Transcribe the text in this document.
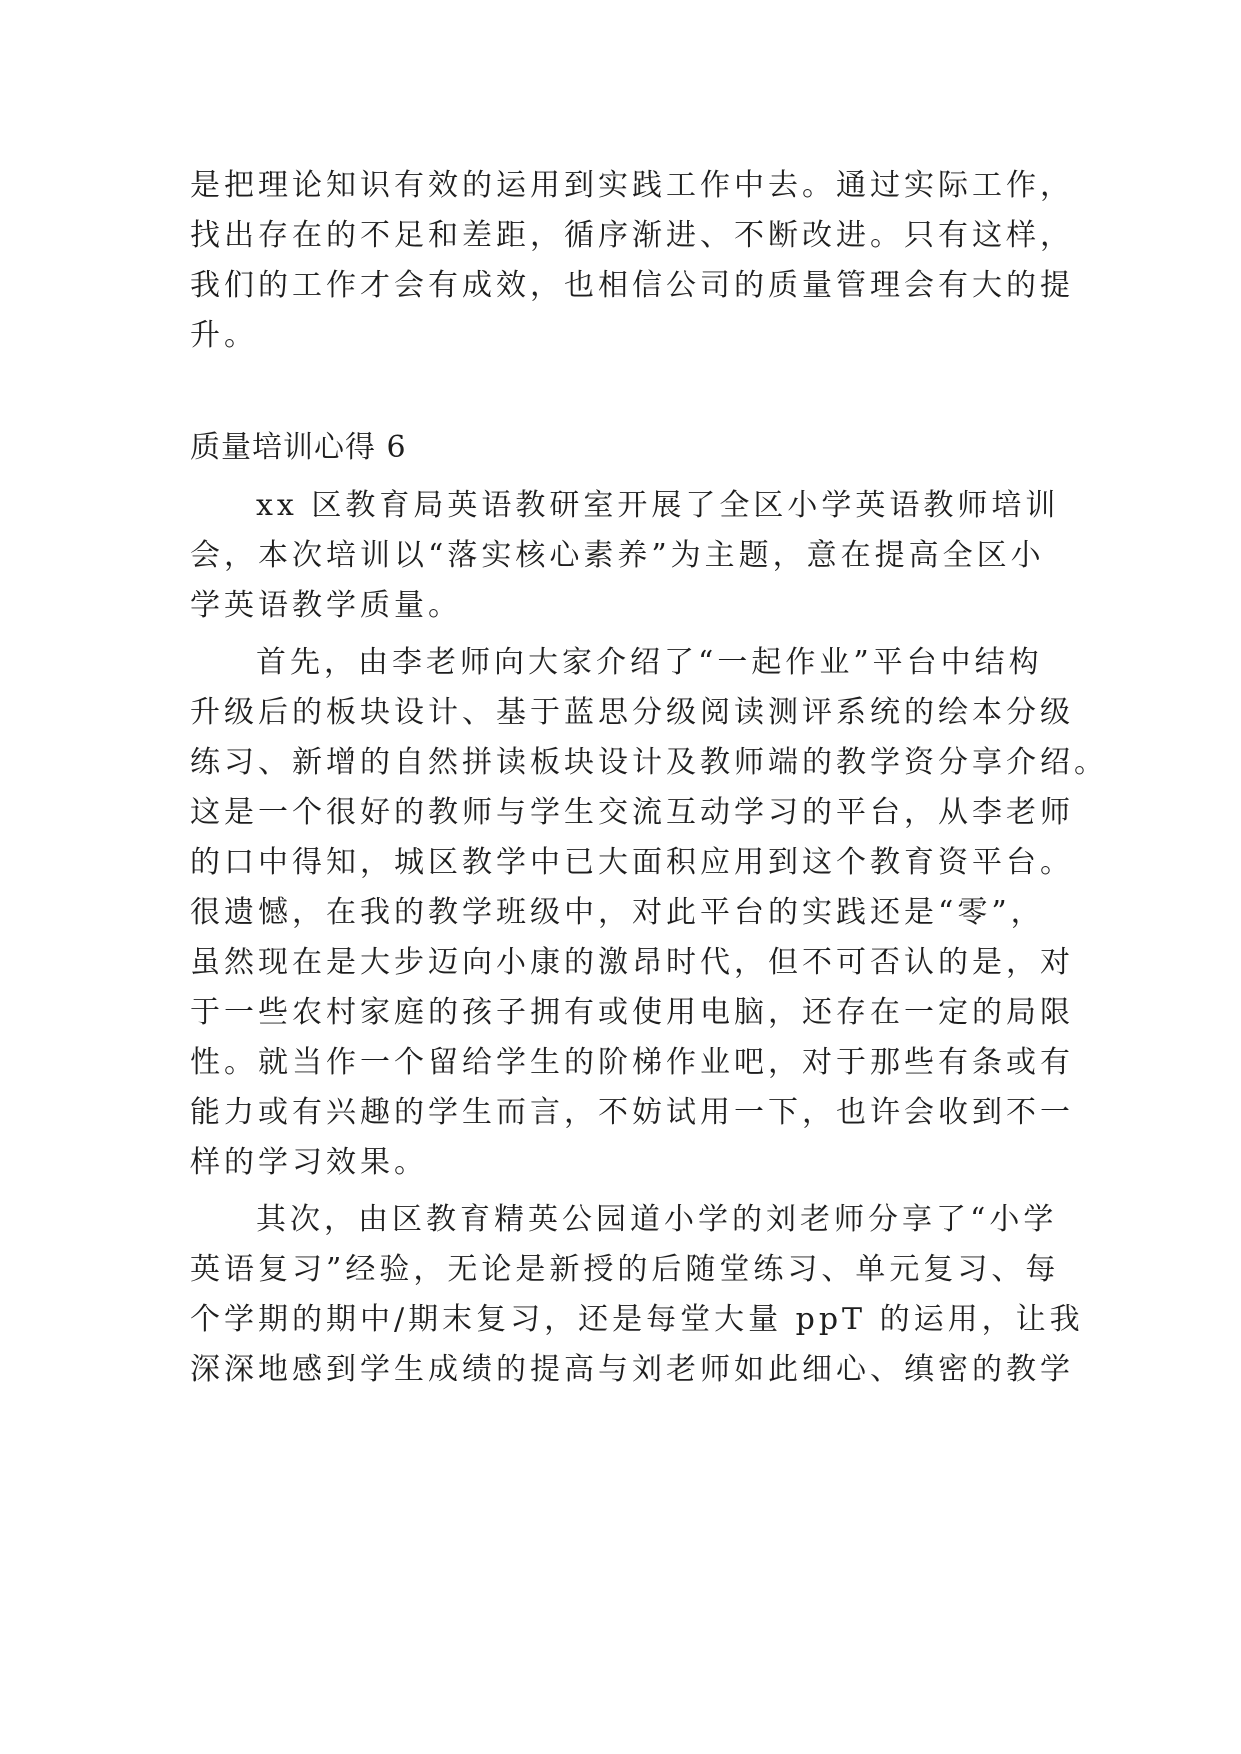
是把理论知识有效的运用到实践工作中去。通过实际工作，
找出存在的不足和差距，循序渐进、不断改进。只有这样，
我们的工作才会有成效，也相信公司的质量管理会有大的提
升。
质量培训心得 6
xx 区教育局英语教研室开展了全区小学英语教师培训
会，本次培训以“落实核心素养”为主题，意在提高全区小
学英语教学质量。
首先，由李老师向大家介绍了“一起作业”平台中结构
升级后的板块设计、基于蓝思分级阅读测评系统的绘本分级
练习、新增的自然拼读板块设计及教师端的教学资分享介绍。
这是一个很好的教师与学生交流互动学习的平台，从李老师
的口中得知，城区教学中已大面积应用到这个教育资平台。
很遗憾，在我的教学班级中，对此平台的实践还是“零”，
虽然现在是大步迈向小康的激昂时代，但不可否认的是，对
于一些农村家庭的孩子拥有或使用电脑，还存在一定的局限
性。就当作一个留给学生的阶梯作业吧，对于那些有条或有
能力或有兴趣的学生而言，不妨试用一下，也许会收到不一
样的学习效果。
其次，由区教育精英公园道小学的刘老师分享了“小学
英语复习”经验，无论是新授的后随堂练习、单元复习、每
个学期的期中/期末复习，还是每堂大量 ppT 的运用，让我
深深地感到学生成绩的提高与刘老师如此细心、缜密的教学
